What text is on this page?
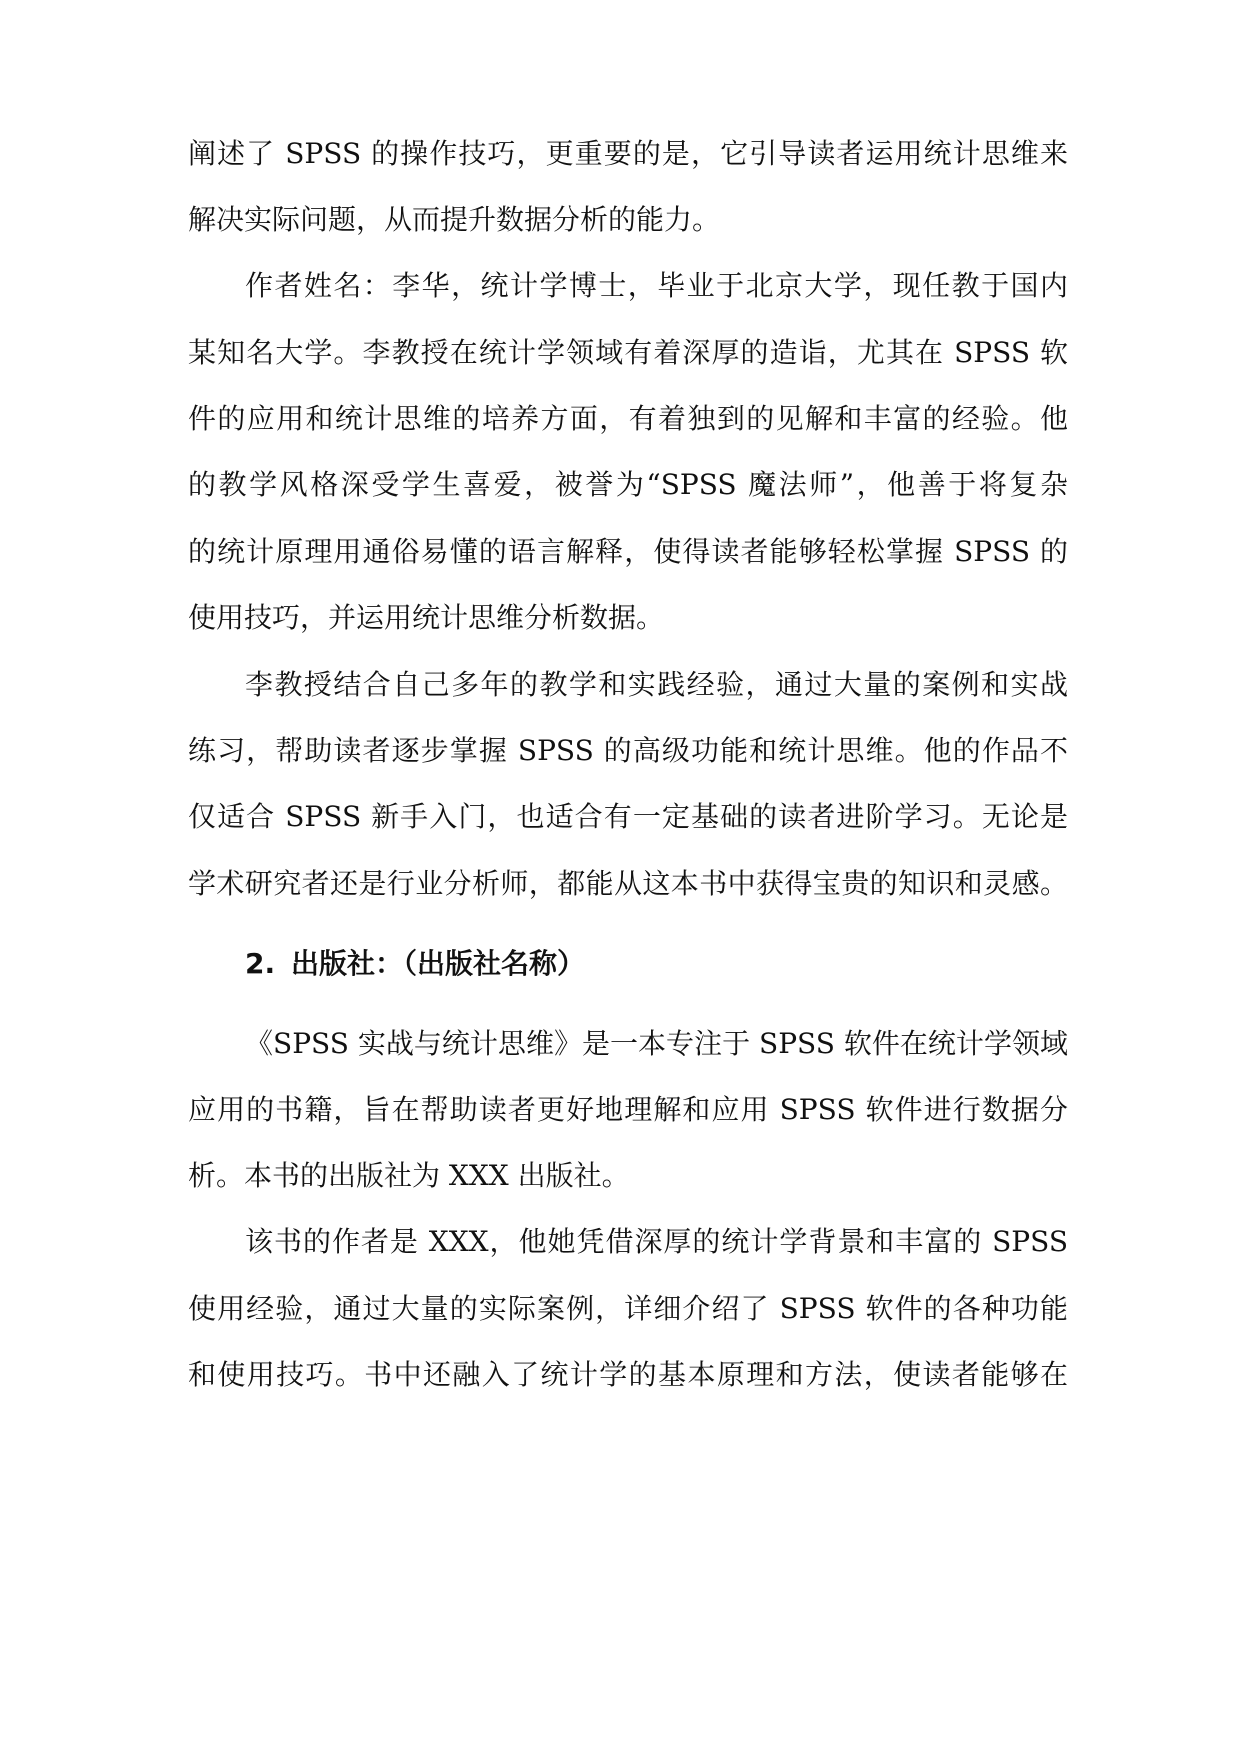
阐述了 SPSS 的操作技巧，更重要的是，它引导读者运用统计思维来
解决实际问题，从而提升数据分析的能力。
作者姓名：李华，统计学博士，毕业于北京大学，现任教于国内
某知名大学。李教授在统计学领域有着深厚的造诣，尤其在 SPSS 软
件的应用和统计思维的培养方面，有着独到的见解和丰富的经验。他
的教学风格深受学生喜爱，被誉为“SPSS 魔法师”，他善于将复杂
的统计原理用通俗易懂的语言解释，使得读者能够轻松掌握 SPSS 的
使用技巧，并运用统计思维分析数据。
李教授结合自己多年的教学和实践经验，通过大量的案例和实战
练习，帮助读者逐步掌握 SPSS 的高级功能和统计思维。他的作品不
仅适合 SPSS 新手入门，也适合有一定基础的读者进阶学习。无论是
学术研究者还是行业分析师，都能从这本书中获得宝贵的知识和灵感。
2. 出版社：（出版社名称）
《SPSS 实战与统计思维》是一本专注于 SPSS 软件在统计学领域
应用的书籍，旨在帮助读者更好地理解和应用 SPSS 软件进行数据分
析。本书的出版社为 XXX 出版社。
该书的作者是 XXX，他她凭借深厚的统计学背景和丰富的 SPSS
使用经验，通过大量的实际案例，详细介绍了 SPSS 软件的各种功能
和使用技巧。书中还融入了统计学的基本原理和方法，使读者能够在
